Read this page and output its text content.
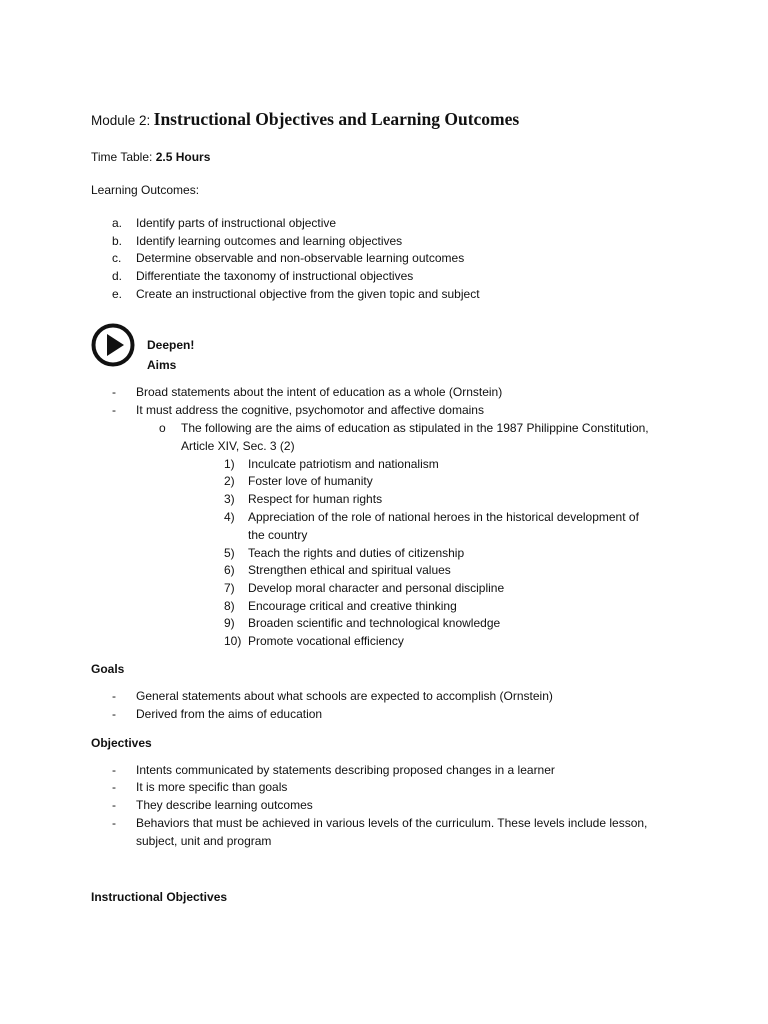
Module 2: Instructional Objectives and Learning Outcomes
Time Table: 2.5 Hours
Learning Outcomes:
a. Identify parts of instructional objective
b. Identify learning outcomes and learning objectives
c. Determine observable and non-observable learning outcomes
d. Differentiate the taxonomy of instructional objectives
e. Create an instructional objective from the given topic and subject
Deepen!
Aims
- Broad statements about the intent of education as a whole (Ornstein)
- It must address the cognitive, psychomotor and affective domains
o The following are the aims of education as stipulated in the 1987 Philippine Constitution,
Article XIV, Sec. 3 (2)
1) Inculcate patriotism and nationalism
2) Foster love of humanity
3) Respect for human rights
4) Appreciation of the role of national heroes in the historical development of
the country
5) Teach the rights and duties of citizenship
6) Strengthen ethical and spiritual values
7) Develop moral character and personal discipline
8) Encourage critical and creative thinking
9) Broaden scientific and technological knowledge
10) Promote vocational efficiency
Goals
- General statements about what schools are expected to accomplish (Ornstein)
- Derived from the aims of education
Objectives
- Intents communicated by statements describing proposed changes in a learner
- It is more specific than goals
- They describe learning outcomes
- Behaviors that must be achieved in various levels of the curriculum. These levels include lesson,
subject, unit and program
Instructional Objectives
